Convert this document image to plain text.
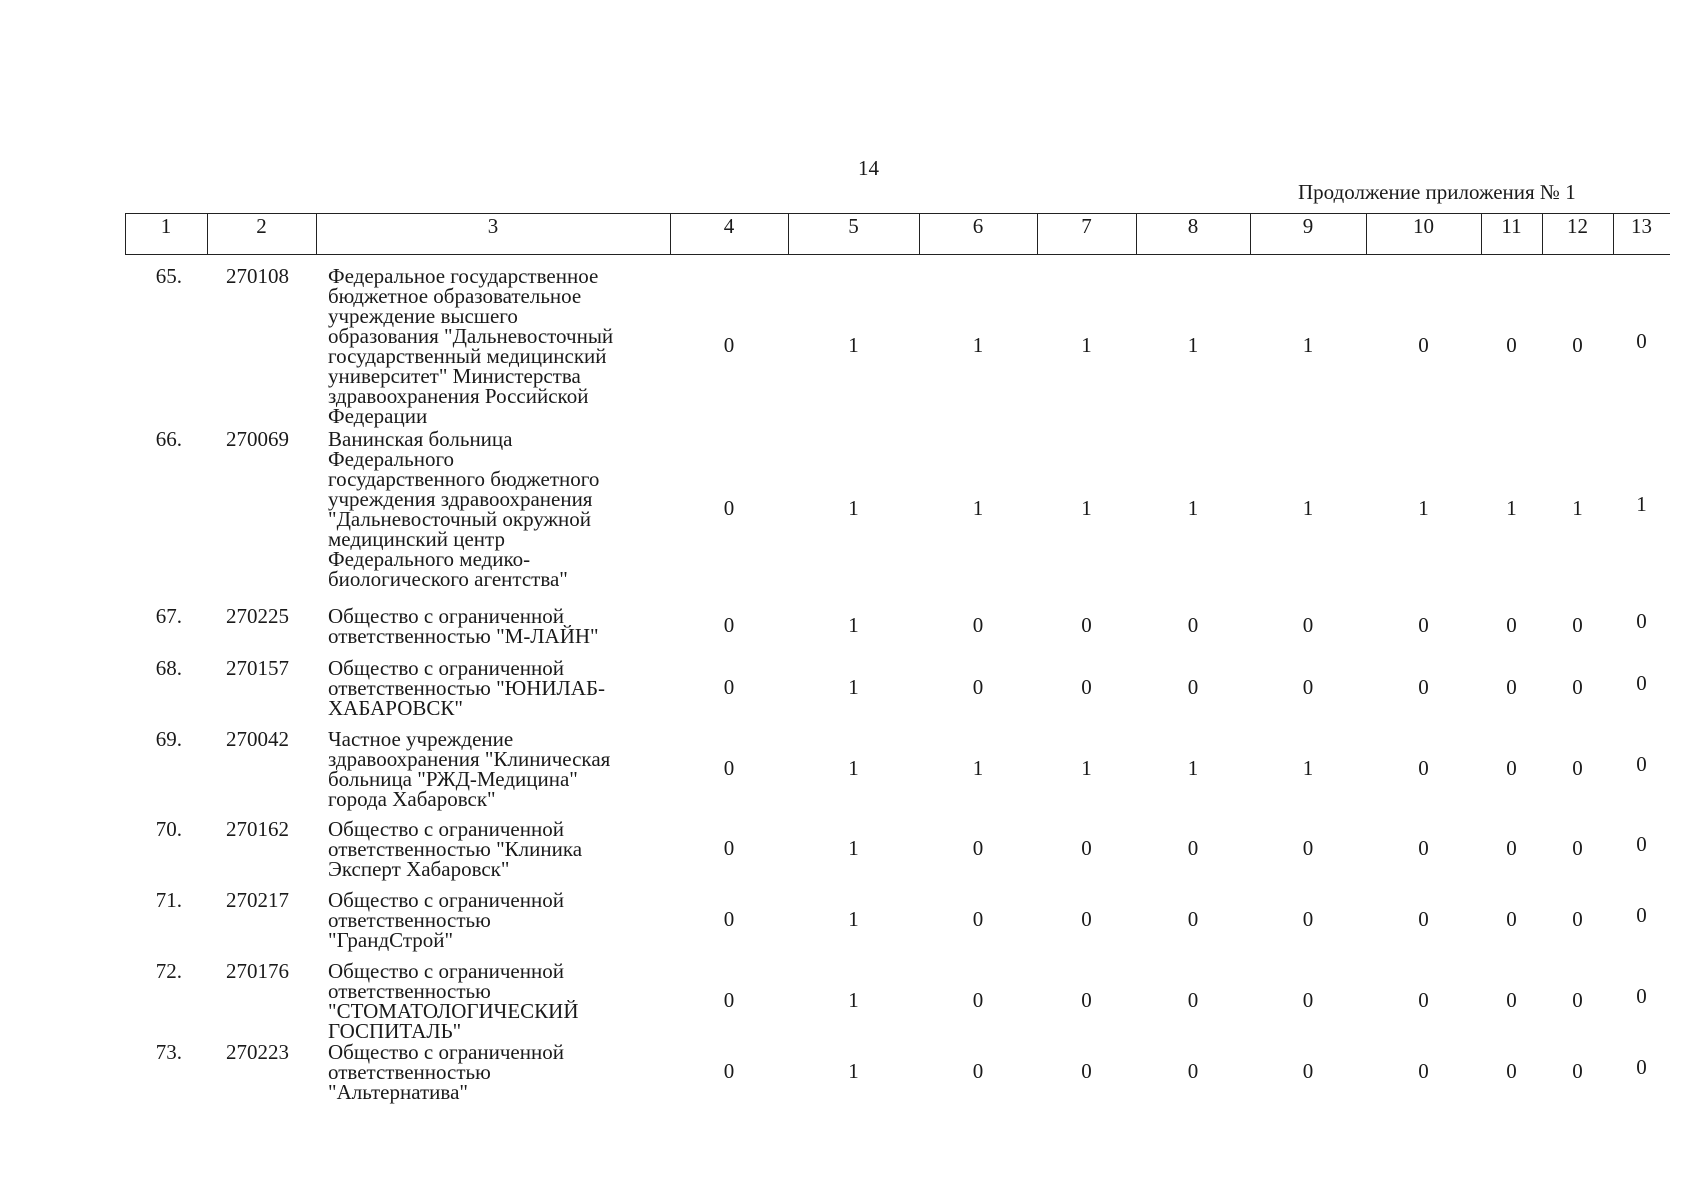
14
Продолжение приложения № 1
1	2	3	4	5	6	7	8	9	10	11	12	13
65. 270108	Федеральное государственное
бюджетное образовательное
учреждение высшего
образования "Дальневосточный
государственный медицинский
университет" Министерства
здравоохранения Российской
Федерации
0	1	1	1	1	1	0	0	0	0
66. 270069	Ванинская больница
Федерального
государственного бюджетного
учреждения здравоохранения
"Дальневосточный окружной
медицинский центр
Федерального медико-
биологического агентства"
0	1	1	1	1	1	1	1	1	1
67. 270225	Общество с ограниченной
ответственностью "М-ЛАЙН"	0	1	0	0	0	0	0	0	0	0
68. 270157	Общество с ограниченной
ответственностью "ЮНИЛАБ-
ХАБАРОВСК"
0	1	0	0	0	0	0	0	0	0
69. 270042	Частное учреждение
здравоохранения "Клиническая
больница "РЖД-Медицина"
города Хабаровск"
0	1	1	1	1	1	0	0	0	0
70. 270162	Общество с ограниченной
ответственностью "Клиника
Эксперт Хабаровск"
0	1	0	0	0	0	0	0	0	0
71. 270217	Общество с ограниченной
ответственностью
"ГрандСтрой"
0	1	0	0	0	0	0	0	0	0
72. 270176	Общество с ограниченной
ответственностью
"СТОМАТОЛОГИЧЕСКИЙ
ГОСПИТАЛЬ"
0	1	0	0	0	0	0	0	0	0
73. 270223	Общество с ограниченной
ответственностью
"Альтернатива"
0	1	0	0	0	0	0	0	0	0
